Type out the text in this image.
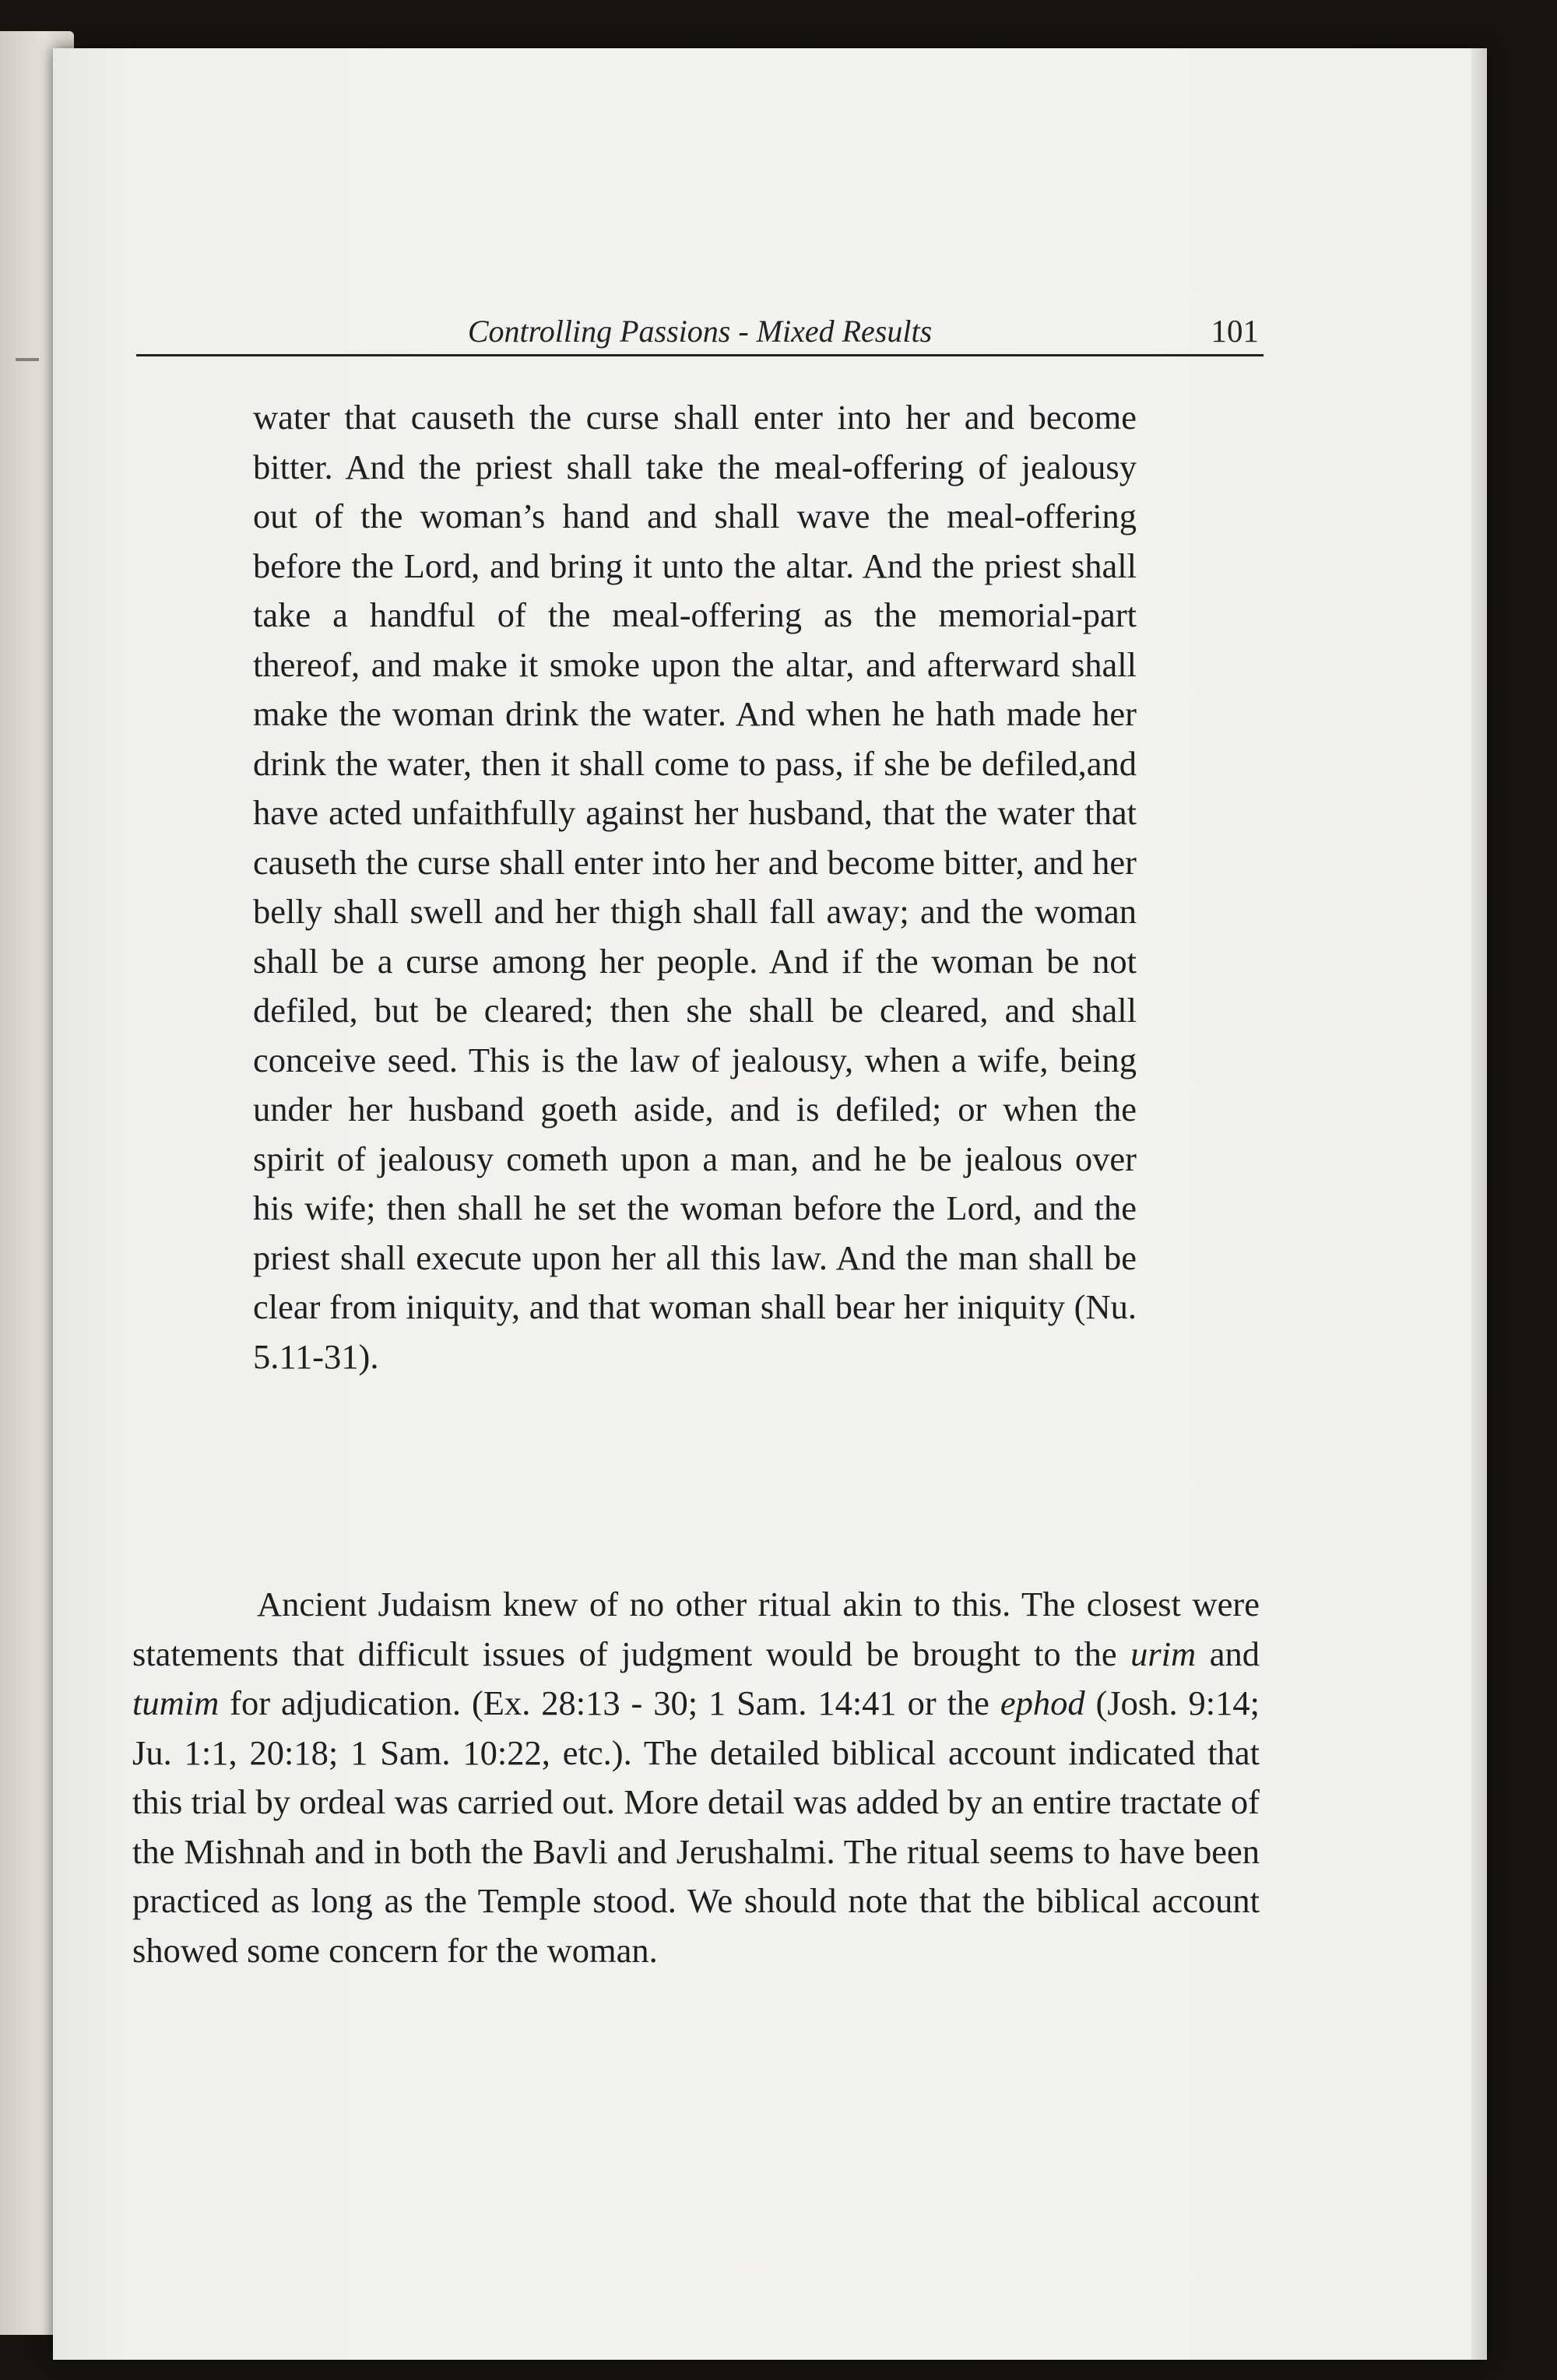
Controlling Passions - Mixed Results	101
water that causeth the curse shall enter into her and become bitter. And the priest shall take the meal-offering of jealousy out of the woman’s hand and shall wave the meal-offering before the Lord, and bring it unto the altar. And the priest shall take a handful of the meal-offering as the memorial-part thereof, and make it smoke upon the altar, and afterward shall make the woman drink the water. And when he hath made her drink the water, then it shall come to pass, if she be defiled,and have acted unfaithfully against her husband, that the water that causeth the curse shall enter into her and become bitter, and her belly shall swell and her thigh shall fall away; and the woman shall be a curse among her people. And if the woman be not defiled, but be cleared; then she shall be cleared, and shall conceive seed. This is the law of jealousy, when a wife, being under her husband goeth aside, and is defiled; or when the spirit of jealousy cometh upon a man, and he be jealous over his wife; then shall he set the woman before the Lord, and the priest shall execute upon her all this law. And the man shall be clear from iniquity, and that woman shall bear her iniquity (Nu. 5.11-31).
Ancient Judaism knew of no other ritual akin to this. The closest were statements that difficult issues of judgment would be brought to the urim and tumim for adjudication. (Ex. 28:13 - 30; 1 Sam. 14:41 or the ephod (Josh. 9:14; Ju. 1:1, 20:18; 1 Sam. 10:22, etc.). The detailed biblical account indicated that this trial by ordeal was carried out. More detail was added by an entire tractate of the Mishnah and in both the Bavli and Jerushalmi. The ritual seems to have been practiced as long as the Temple stood. We should note that the biblical account showed some concern for the woman.
